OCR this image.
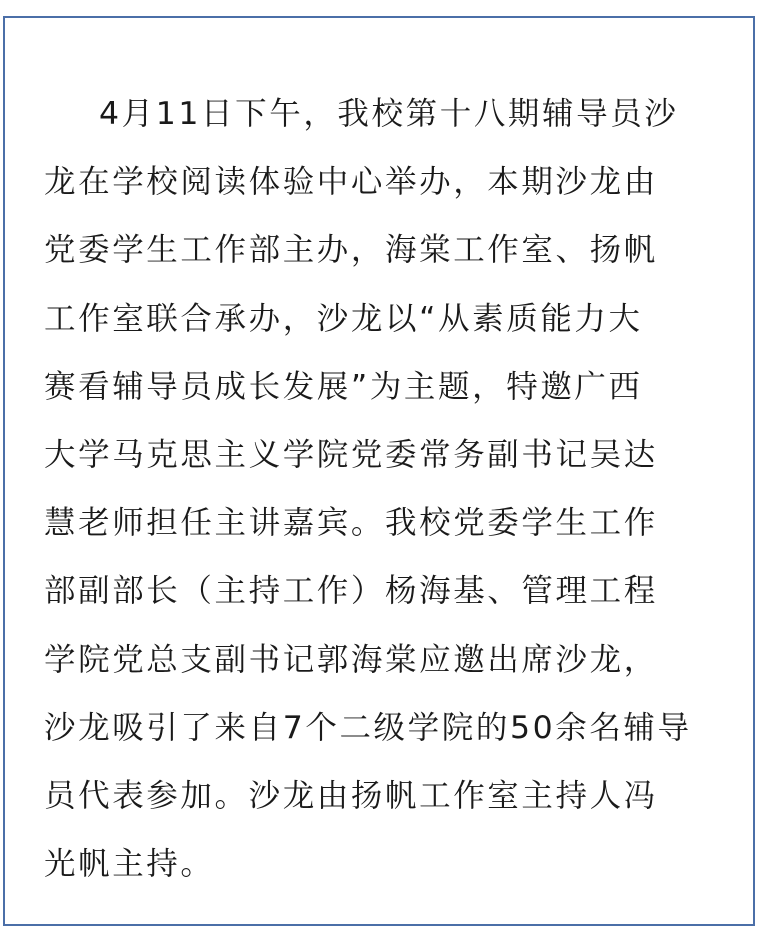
4月11日下午，我校第十八期辅导员沙
龙在学校阅读体验中心举办，本期沙龙由
党委学生工作部主办，海棠工作室、扬帆
工作室联合承办，沙龙以“从素质能力大
赛看辅导员成长发展”为主题，特邀广西
大学马克思主义学院党委常务副书记吴达
慧老师担任主讲嘉宾。我校党委学生工作
部副部长（主持工作）杨海基、管理工程
学院党总支副书记郭海棠应邀出席沙龙，
沙龙吸引了来自7个二级学院的50余名辅导
员代表参加。沙龙由扬帆工作室主持人冯
光帆主持。
